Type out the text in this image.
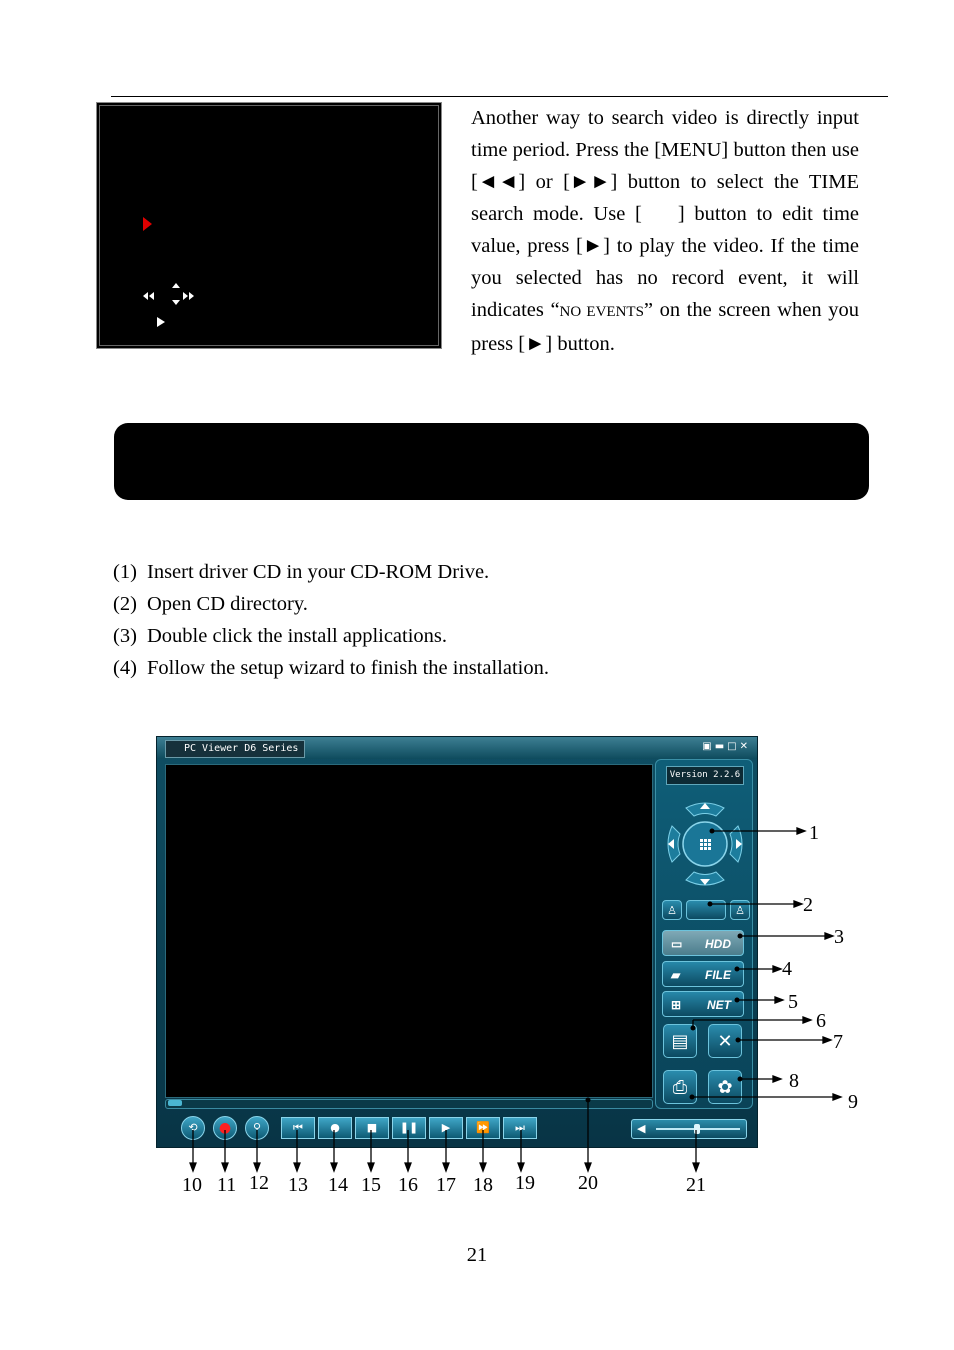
Another way to search video is directly input time period. Press the [MENU] button then use [◄◄] or [►►] button to select the TIME search mode. Use [ ] button to edit time value, press [►] to play the video. If the time you selected has no record event, it will indicates “NO EVENTS” on the screen when you press [►] button.
(1) Insert driver CD in your CD-ROM Drive.
(2) Open CD directory.
(3) Double click the install applications.
(4) Follow the setup wizard to finish the installation.
PC Viewer D6 Series	▣▬□✕
Version 2.2.6
♙	♙
▭ HDD
▰ FILE
⊞ NET
▤	✕
⎙	✿
⟲	●	⚲	⏮	●	■	❚❚	▶	⏩	⏭	◀
1
2
3
4
5
6
7
8
9
10 11 12 13 14 15 16 17 18 19 20	21
21
